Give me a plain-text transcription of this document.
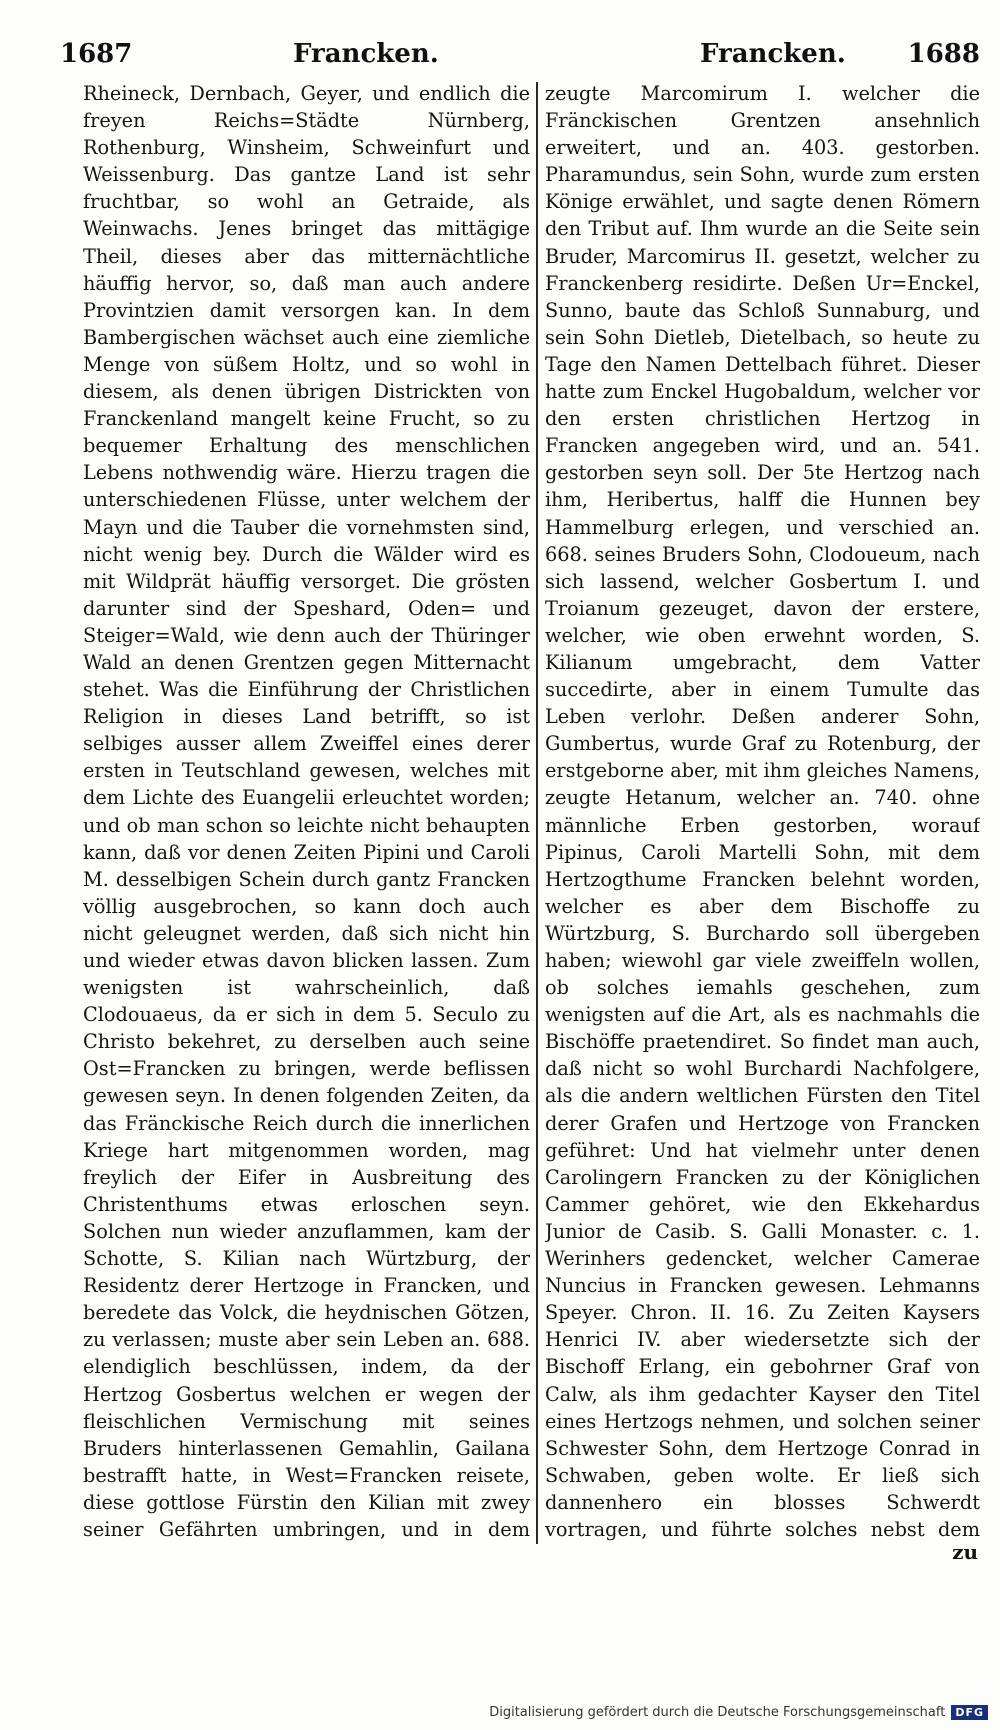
1687	Francken.	Francken. 1688

Rheineck, Dernbach, Geyer, und endlich die freyen Reichs=Städte Nürnberg, Rothenburg, Winsheim, Schweinfurt und Weissenburg. Das gantze Land ist sehr fruchtbar, so wohl an Getraide, als Weinwachs. Jenes bringet das mittägige Theil, dieses aber das mitternächtliche häuffig hervor, so, daß man auch andere Provintzien damit versorgen kan. In dem Bambergischen wächset auch eine ziemliche Menge von süßem Holtz, und so wohl in diesem, als denen übrigen Districkten von Franckenland mangelt keine Frucht, so zu bequemer Erhaltung des menschlichen Lebens nothwendig wäre. Hierzu tragen die unterschiedenen Flüsse, unter welchem der Mayn und die Tauber die vornehmsten sind, nicht wenig bey. Durch die Wälder wird es mit Wildprät häuffig versorget. Die grösten darunter sind der Speshard, Oden= und Steiger=Wald, wie denn auch der Thüringer Wald an denen Grentzen gegen Mitternacht stehet. Was die Einführung der Christlichen Religion in dieses Land betrifft, so ist selbiges ausser allem Zweiffel eines derer ersten in Teutschland gewesen, welches mit dem Lichte des Euangelii erleuchtet worden; und ob man schon so leichte nicht behaupten kann, daß vor denen Zeiten Pipini und Caroli M. desselbigen Schein durch gantz Francken völlig ausgebrochen, so kann doch auch nicht geleugnet werden, daß sich nicht hin und wieder etwas davon blicken lassen. Zum wenigsten ist wahrscheinlich, daß Clodouaeus, da er sich in dem 5. Seculo zu Christo bekehret, zu derselben auch seine Ost=Francken zu bringen, werde beflissen gewesen seyn. In denen folgenden Zeiten, da das Fränckische Reich durch die innerlichen Kriege hart mitgenommen worden, mag freylich der Eifer in Ausbreitung des Christenthums etwas erloschen seyn. Solchen nun wieder anzuflammen, kam der Schotte, S. Kilian nach Würtzburg, der Residentz derer Hertzoge in Francken, und beredete das Volck, die heydnischen Götzen, zu verlassen; muste aber sein Leben an. 688. elendiglich beschlüssen, indem, da der Hertzog Gosbertus welchen er wegen der fleischlichen Vermischung mit seines Bruders hinterlassenen Gemahlin, Gailana bestrafft hatte, in West=Francken reisete, diese gottlose Fürstin den Kilian mit zwey seiner Gefährten umbringen, und in dem

zeugte Marcomirum I. welcher die Fränckischen Grentzen ansehnlich erweitert, und an. 403. gestorben. Pharamundus, sein Sohn, wurde zum ersten Könige erwählet, und sagte denen Römern den Tribut auf. Ihm wurde an die Seite sein Bruder, Marcomirus II. gesetzt, welcher zu Franckenberg residirte. Deßen Ur=Enckel, Sunno, baute das Schloß Sunnaburg, und sein Sohn Dietleb, Dietelbach, so heute zu Tage den Namen Dettelbach führet. Dieser hatte zum Enckel Hugobaldum, welcher vor den ersten christlichen Hertzog in Francken angegeben wird, und an. 541. gestorben seyn soll. Der 5te Hertzog nach ihm, Heribertus, halff die Hunnen bey Hammelburg erlegen, und verschied an. 668. seines Bruders Sohn, Clodoueum, nach sich lassend, welcher Gosbertum I. und Troianum gezeuget, davon der erstere, welcher, wie oben erwehnt worden, S. Kilianum umgebracht, dem Vatter succedirte, aber in einem Tumulte das Leben verlohr. Deßen anderer Sohn, Gumbertus, wurde Graf zu Rotenburg, der erstgeborne aber, mit ihm gleiches Namens, zeugte Hetanum, welcher an. 740. ohne männliche Erben gestorben, worauf Pipinus, Caroli Martelli Sohn, mit dem Hertzogthume Francken belehnt worden, welcher es aber dem Bischoffe zu Würtzburg, S. Burchardo soll übergeben haben; wiewohl gar viele zweiffeln wollen, ob solches iemahls geschehen, zum wenigsten auf die Art, als es nachmahls die Bischöffe praetendiret. So findet man auch, daß nicht so wohl Burchardi Nachfolgere, als die andern weltlichen Fürsten den Titel derer Grafen und Hertzoge von Francken geführet: Und hat vielmehr unter denen Carolingern Francken zu der Königlichen Cammer gehöret, wie den Ekkehardus Junior de Casib. S. Galli Monaster. c. 1. Werinhers gedencket, welcher Camerae Nuncius in Francken gewesen. Lehmanns Speyer. Chron. II. 16. Zu Zeiten Kaysers Henrici IV. aber wiedersetzte sich der Bischoff Erlang, ein gebohrner Graf von Calw, als ihm gedachter Kayser den Titel eines Hertzogs nehmen, und solchen seiner Schwester Sohn, dem Hertzoge Conrad in Schwaben, geben wolte. Er ließ sich dannenhero ein blosses Schwerdt vortragen, und führte solches nebst dem

zu
Digitalisierung gefördert durch die Deutsche Forschungsgemeinschaft DFG
